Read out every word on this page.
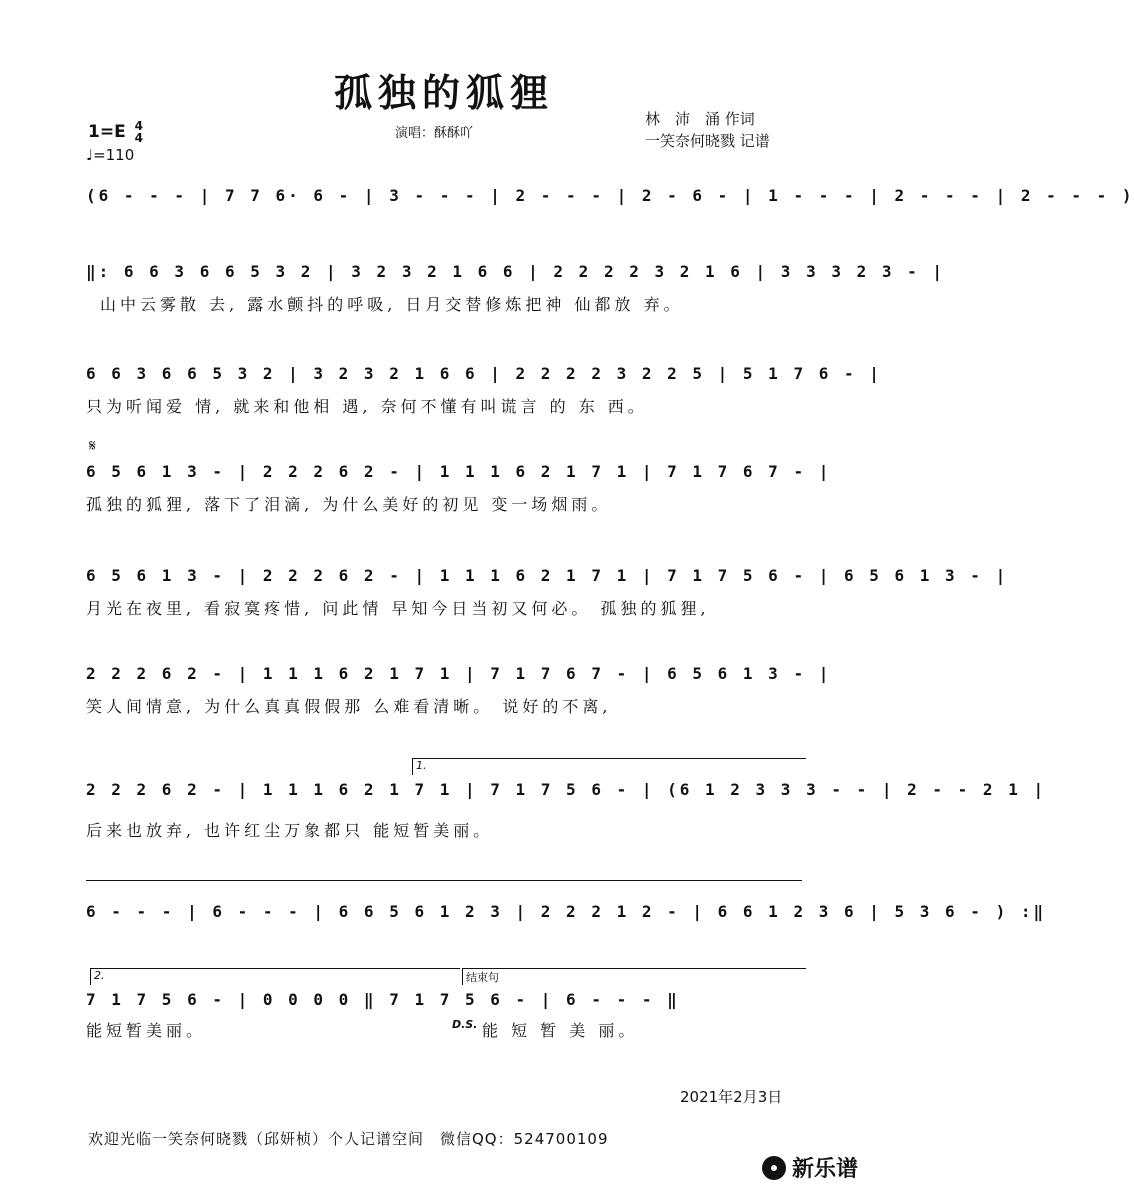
孤独的狐狸
1=E 4
4
♩=110
演唱：酥酥吖
林　沛　涌 作词
一笑奈何晓戮 记谱
(6 - - - | 7 7 6· 6 - | 3 - - - | 2 - - - | 2 - 6 - | 1 - - - | 2 - - - | 2 - - - )
‖: 6 6 3 6 6 5 3 2 | 3 2 3 2 1 6 6 | 2 2 2 2 3 2 1 6 | 3 3 3 2 3 - |
山中云雾散 去, 露水颤抖的呼吸, 日月交替修炼把神 仙都放 弃。
6 6 3 6 6 5 3 2 | 3 2 3 2 1 6 6 | 2 2 2 2 3 2 2 5 | 5 1 7 6 - |
只为听闻爱 情, 就来和他相 遇, 奈何不懂有叫谎言 的 东 西。
𝄋
6 5 6 1 3 - | 2 2 2 6 2 - | 1 1 1 6 2 1 7 1 | 7 1 7 6 7 - |
孤独的狐狸, 落下了泪滴, 为什么美好的初见 变一场烟雨。
6 5 6 1 3 - | 2 2 2 6 2 - | 1 1 1 6 2 1 7 1 | 7 1 7 5 6 - | 6 5 6 1 3 - |
月光在夜里, 看寂寞疼惜, 问此情 早知今日当初又何必。 孤独的狐狸,
2 2 2 6 2 - | 1 1 1 6 2 1 7 1 | 7 1 7 6 7 - | 6 5 6 1 3 - |
笑人间情意, 为什么真真假假那 么难看清晰。 说好的不离,
1.
2 2 2 6 2 - | 1 1 1 6 2 1 7 1 | 7 1 7 5 6 - | (6 1 2 3 3 3 - - | 2 - - 2 1 |
后来也放弃, 也许红尘万象都只 能短暂美丽。
6 - - - | 6 - - - | 6 6 5 6 1 2 3 | 2 2 2 1 2 - | 6 6 1 2 3 6 | 5 3 6 - ) :‖
2.	结束句
7 1 7 5 6 - | 0 0 0 0 ‖ 7 1 7 5 6 - | 6 - - - ‖
能短暂美丽。	D.S. 能 短 暂 美 丽。
2021年2月3日
欢迎光临一笑奈何晓戮（邱妍桢）个人记谱空间　微信QQ：524700109
新乐谱
